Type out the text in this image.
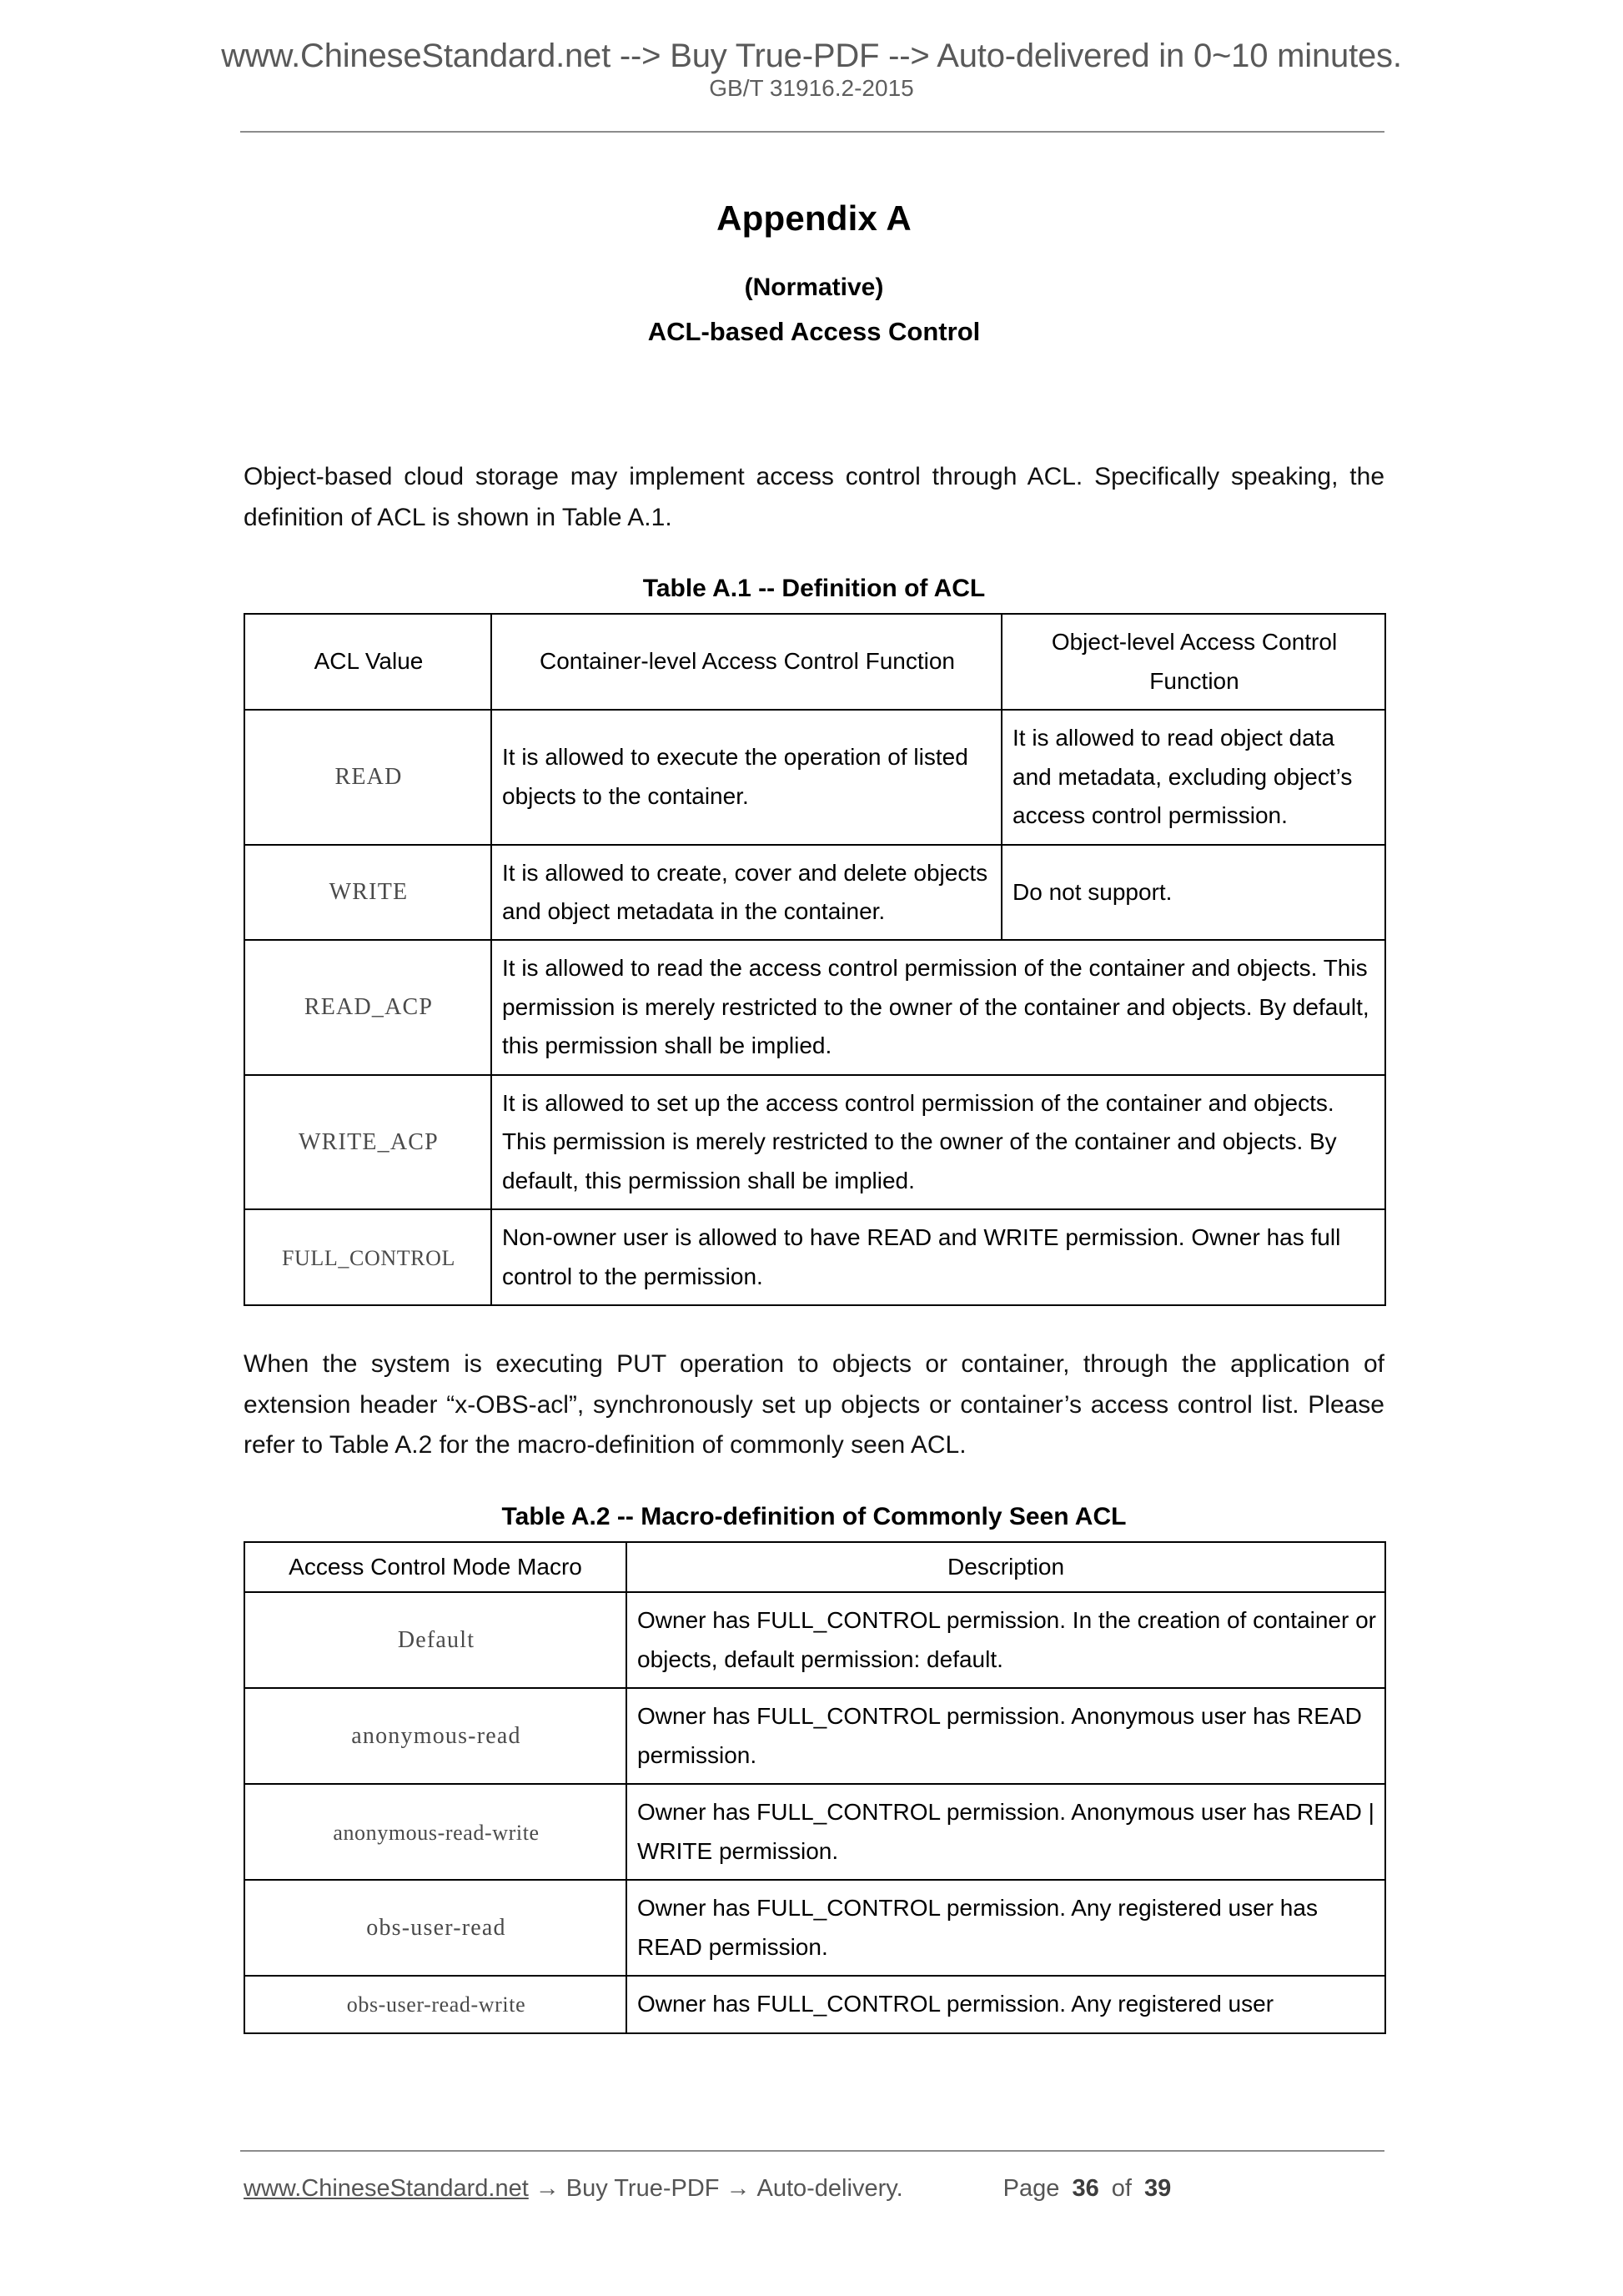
www.ChineseStandard.net --> Buy True-PDF --> Auto-delivered in 0~10 minutes.
GB/T 31916.2-2015
Appendix A
(Normative)
ACL-based Access Control

Object-based cloud storage may implement access control through ACL. Specifically speaking, the definition of ACL is shown in Table A.1.

Table A.1 -- Definition of ACL
ACL Value	Container-level Access Control Function	Object-level Access Control Function
READ	It is allowed to execute the operation of listed objects to the container.	It is allowed to read object data and metadata, excluding object’s access control permission.
WRITE	It is allowed to create, cover and delete objects and object metadata in the container.	Do not support.
READ_ACP	It is allowed to read the access control permission of the container and objects. This permission is merely restricted to the owner of the container and objects. By default, this permission shall be implied.	
WRITE_ACP	It is allowed to set up the access control permission of the container and objects. This permission is merely restricted to the owner of the container and objects. By default, this permission shall be implied.	
FULL_CONTROL	Non-owner user is allowed to have READ and WRITE permission. Owner has full control to the permission.	

When the system is executing PUT operation to objects or container, through the application of extension header “x-OBS-acl”, synchronously set up objects or container’s access control list. Please refer to Table A.2 for the macro-definition of commonly seen ACL.

Table A.2 -- Macro-definition of Commonly Seen ACL
Access Control Mode Macro	Description
Default	Owner has FULL_CONTROL permission. In the creation of container or objects, default permission: default.
anonymous-read	Owner has FULL_CONTROL permission. Anonymous user has READ permission.
anonymous-read-write	Owner has FULL_CONTROL permission. Anonymous user has READ | WRITE permission.
obs-user-read	Owner has FULL_CONTROL permission. Any registered user has READ permission.
obs-user-read-write	Owner has FULL_CONTROL permission. Any registered user
www.ChineseStandard.net → Buy True-PDF → Auto-delivery.	Page 36 of 39
